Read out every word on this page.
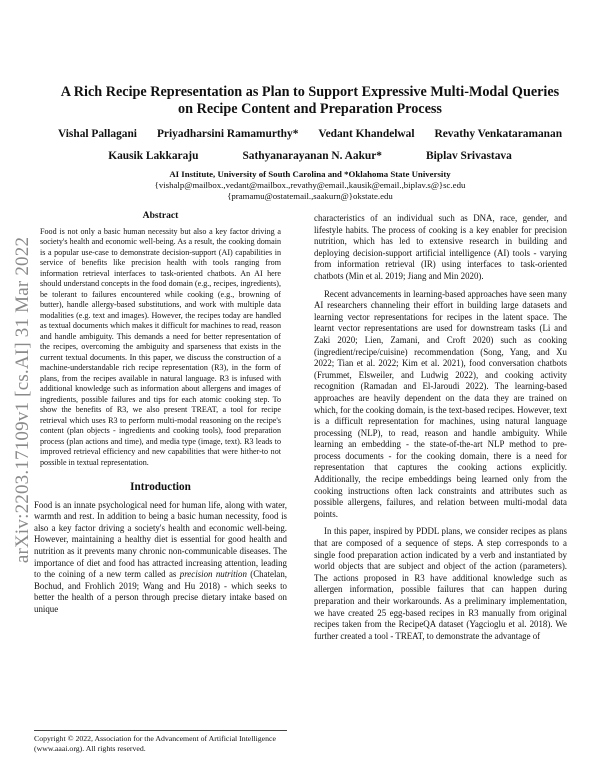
arXiv:2203.17109v1 [cs.AI] 31 Mar 2022
A Rich Recipe Representation as Plan to Support Expressive Multi-Modal Queries
on Recipe Content and Preparation Process
Vishal Pallagani Priyadharsini Ramamurthy* Vedant Khandelwal Revathy Venkataramanan
Kausik Lakkaraju	Sathyanarayanan N. Aakur*	Biplav Srivastava
AI Institute, University of South Carolina and *Oklahoma State University
{vishalp@mailbox.,vedant@mailbox.,revathy@email.,kausik@email.,biplav.s@}sc.edu
{pramamu@ostatemail.,saakurn@}okstate.edu
Abstract

Food is not only a basic human necessity but also a key factor driving a society's health and economic well-being. As a result, the cooking domain is a popular use-case to demonstrate decision-support (AI) capabilities in service of benefits like precision health with tools ranging from information retrieval interfaces to task-oriented chatbots. An AI here should understand concepts in the food domain (e.g., recipes, ingredients), be tolerant to failures encountered while cooking (e.g., browning of butter), handle allergy-based substitutions, and work with multiple data modalities (e.g. text and images). However, the recipes today are handled as textual documents which makes it difficult for machines to read, reason and handle ambiguity. This demands a need for better representation of the recipes, overcoming the ambiguity and sparseness that exists in the current textual documents. In this paper, we discuss the construction of a machine-understandable rich recipe representation (R3), in the form of plans, from the recipes available in natural language. R3 is infused with additional knowledge such as information about allergens and images of ingredients, possible failures and tips for each atomic cooking step. To show the benefits of R3, we also present TREAT, a tool for recipe retrieval which uses R3 to perform multi-modal reasoning on the recipe's content (plan objects - ingredients and cooking tools), food preparation process (plan actions and time), and media type (image, text). R3 leads to improved retrieval efficiency and new capabilities that were hither-to not possible in textual representation.

Introduction

Food is an innate psychological need for human life, along with water, warmth and rest. In addition to being a basic human necessity, food is also a key factor driving a society's health and economic well-being. However, maintaining a healthy diet is essential for good health and nutrition as it prevents many chronic non-communicable diseases. The importance of diet and food has attracted increasing attention, leading to the coining of a new term called as precision nutrition (Chatelan, Bochud, and Frohlich 2019; Wang and Hu 2018) - which seeks to better the health of a person through precise dietary intake based on unique

Copyright © 2022, Association for the Advancement of Artificial Intelligence (www.aaai.org). All rights reserved.

characteristics of an individual such as DNA, race, gender, and lifestyle habits. The process of cooking is a key enabler for precision nutrition, which has led to extensive research in building and deploying decision-support artificial intelligence (AI) tools - varying from information retrieval (IR) using interfaces to task-oriented chatbots (Min et al. 2019; Jiang and Min 2020).

Recent advancements in learning-based approaches have seen many AI researchers channeling their effort in building large datasets and learning vector representations for recipes in the latent space. The learnt vector representations are used for downstream tasks (Li and Zaki 2020; Lien, Zamani, and Croft 2020) such as cooking (ingredient/recipe/cuisine) recommendation (Song, Yang, and Xu 2022; Tian et al. 2022; Kim et al. 2021), food conversation chatbots (Frummet, Elsweiler, and Ludwig 2022), and cooking activity recognition (Ramadan and El-Jaroudi 2022). The learning-based approaches are heavily dependent on the data they are trained on which, for the cooking domain, is the text-based recipes. However, text is a difficult representation for machines, using natural language processing (NLP), to read, reason and handle ambiguity. While learning an embedding - the state-of-the-art NLP method to pre-process documents - for the cooking domain, there is a need for representation that captures the cooking actions explicitly. Additionally, the recipe embeddings being learned only from the cooking instructions often lack constraints and attributes such as possible allergens, failures, and relation between multi-modal data points.

In this paper, inspired by PDDL plans, we consider recipes as plans that are composed of a sequence of steps. A step corresponds to a single food preparation action indicated by a verb and instantiated by world objects that are subject and object of the action (parameters). The actions proposed in R3 have additional knowledge such as allergen information, possible failures that can happen during preparation and their workarounds. As a preliminary implementation, we have created 25 egg-based recipes in R3 manually from original recipes taken from the RecipeQA dataset (Yagcioglu et al. 2018). We further created a tool - TREAT, to demonstrate the advantage of
